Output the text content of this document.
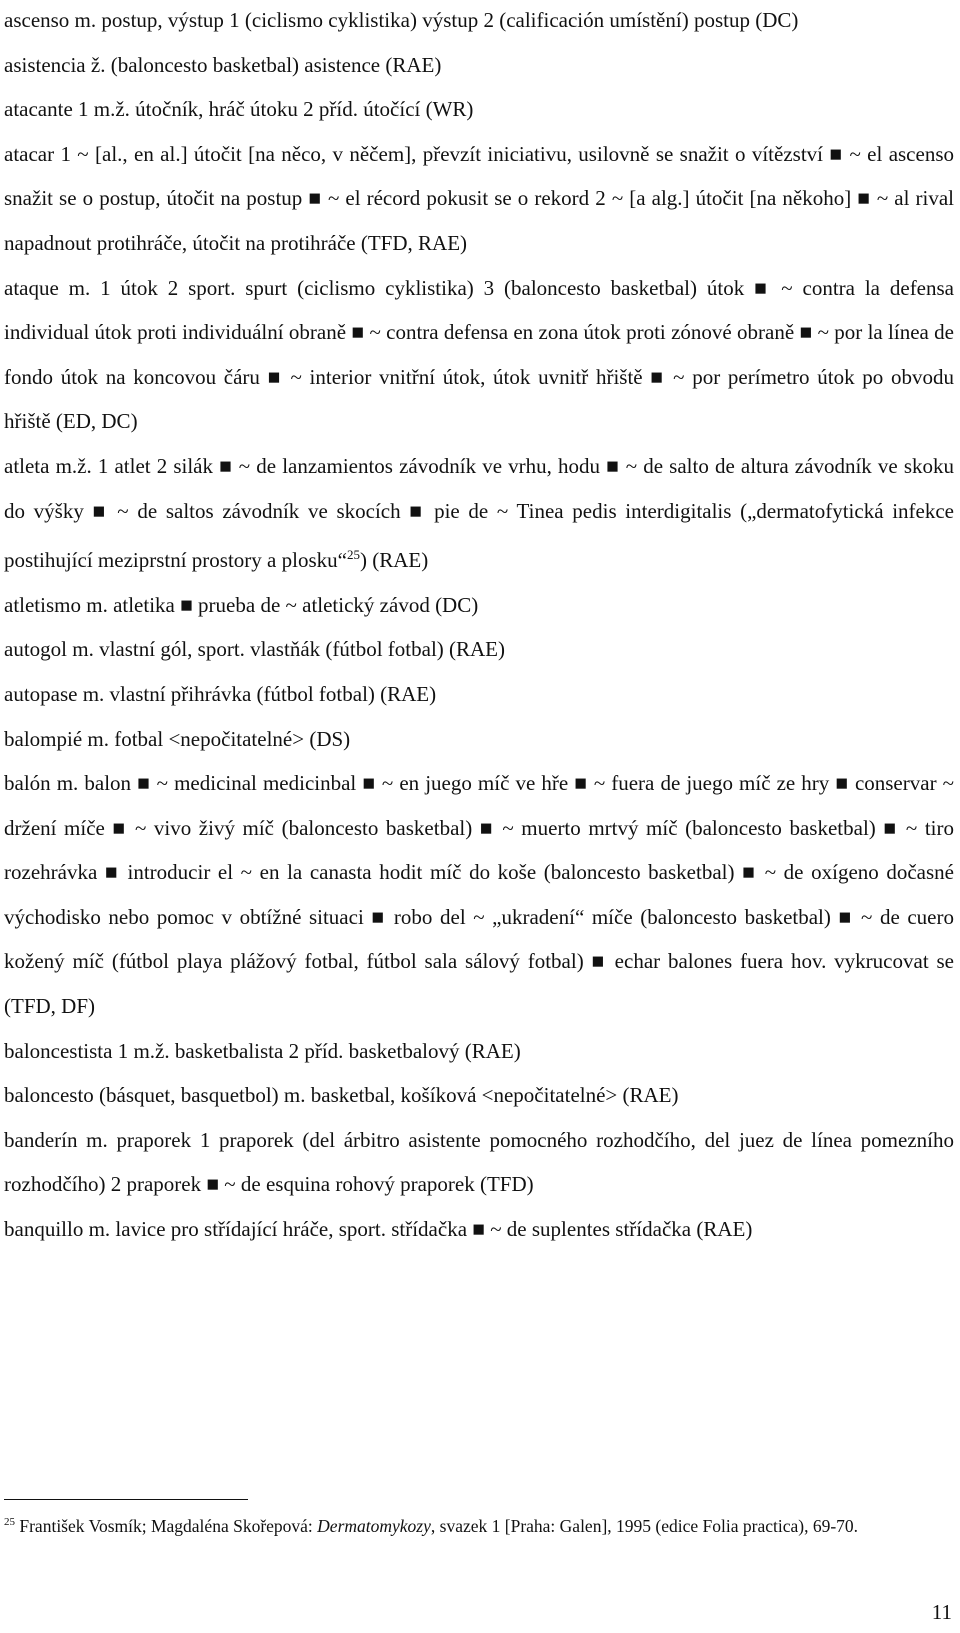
ascenso m. postup, výstup 1 (ciclismo cyklistika) výstup 2 (calificación umístění) postup (DC)

asistencia ž. (baloncesto basketbal) asistence (RAE)

atacante 1 m.ž. útočník, hráč útoku 2 příd. útočící (WR)

atacar 1 ~ [al., en al.] útočit [na něco, v něčem], převzít iniciativu, usilovně se snažit o vítězství ■ ~ el ascenso snažit se o postup, útočit na postup ■ ~ el récord pokusit se o rekord 2 ~ [a alg.] útočit [na někoho] ■ ~ al rival napadnout protihráče, útočit na protihráče (TFD, RAE)

ataque m. 1 útok 2 sport. spurt (ciclismo cyklistika) 3 (baloncesto basketbal) útok ■ ~ contra la defensa individual útok proti individuální obraně ■ ~ contra defensa en zona útok proti zónové obraně ■ ~ por la línea de fondo útok na koncovou čáru ■ ~ interior vnitřní útok, útok uvnitř hřiště ■ ~ por perímetro útok po obvodu hřiště (ED, DC)

atleta m.ž. 1 atlet 2 silák ■ ~ de lanzamientos závodník ve vrhu, hodu ■ ~ de salto de altura závodník ve skoku do výšky ■ ~ de saltos závodník ve skocích ■ pie de ~ Tinea pedis interdigitalis („dermatofytická infekce postihující meziprstní prostory a plosku“$^{25}$) (RAE)

atletismo m. atletika ■ prueba de ~ atletický závod (DC)

autogol m. vlastní gól, sport. vlastňák (fútbol fotbal) (RAE)

autopase m. vlastní přihrávka (fútbol fotbal) (RAE)

balompié m. fotbal <nepočitatelné> (DS)

balón m. balon ■ ~ medicinal medicinbal ■ ~ en juego míč ve hře ■ ~ fuera de juego míč ze hry ■ conservar ~ držení míče ■ ~ vivo živý míč (baloncesto basketbal) ■ ~ muerto mrtvý míč (baloncesto basketbal) ■ ~ tiro rozehrávka ■ introducir el ~ en la canasta hodit míč do koše (baloncesto basketbal) ■ ~ de oxígeno dočasné východisko nebo pomoc v obtížné situaci ■ robo del ~ „ukradení“ míče (baloncesto basketbal) ■ ~ de cuero kožený míč (fútbol playa plážový fotbal, fútbol sala sálový fotbal) ■ echar balones fuera hov. vykrucovat se (TFD, DF)

baloncestista 1 m.ž. basketbalista 2 příd. basketbalový (RAE)

baloncesto (básquet, basquetbol) m. basketbal, košíková <nepočitatelné> (RAE)

banderín m. praporek 1 praporek (del árbitro asistente pomocného rozhodčího, del juez de línea pomezního rozhodčího) 2 praporek ■ ~ de esquina rohový praporek (TFD)

banquillo m. lavice pro střídající hráče, sport. střídačka ■ ~ de suplentes střídačka (RAE)

$^{25}$ František Vosmík; Magdaléna Skořepová: Dermatomykozy, svazek 1 [Praha: Galen], 1995 (edice Folia practica), 69-70.

11
